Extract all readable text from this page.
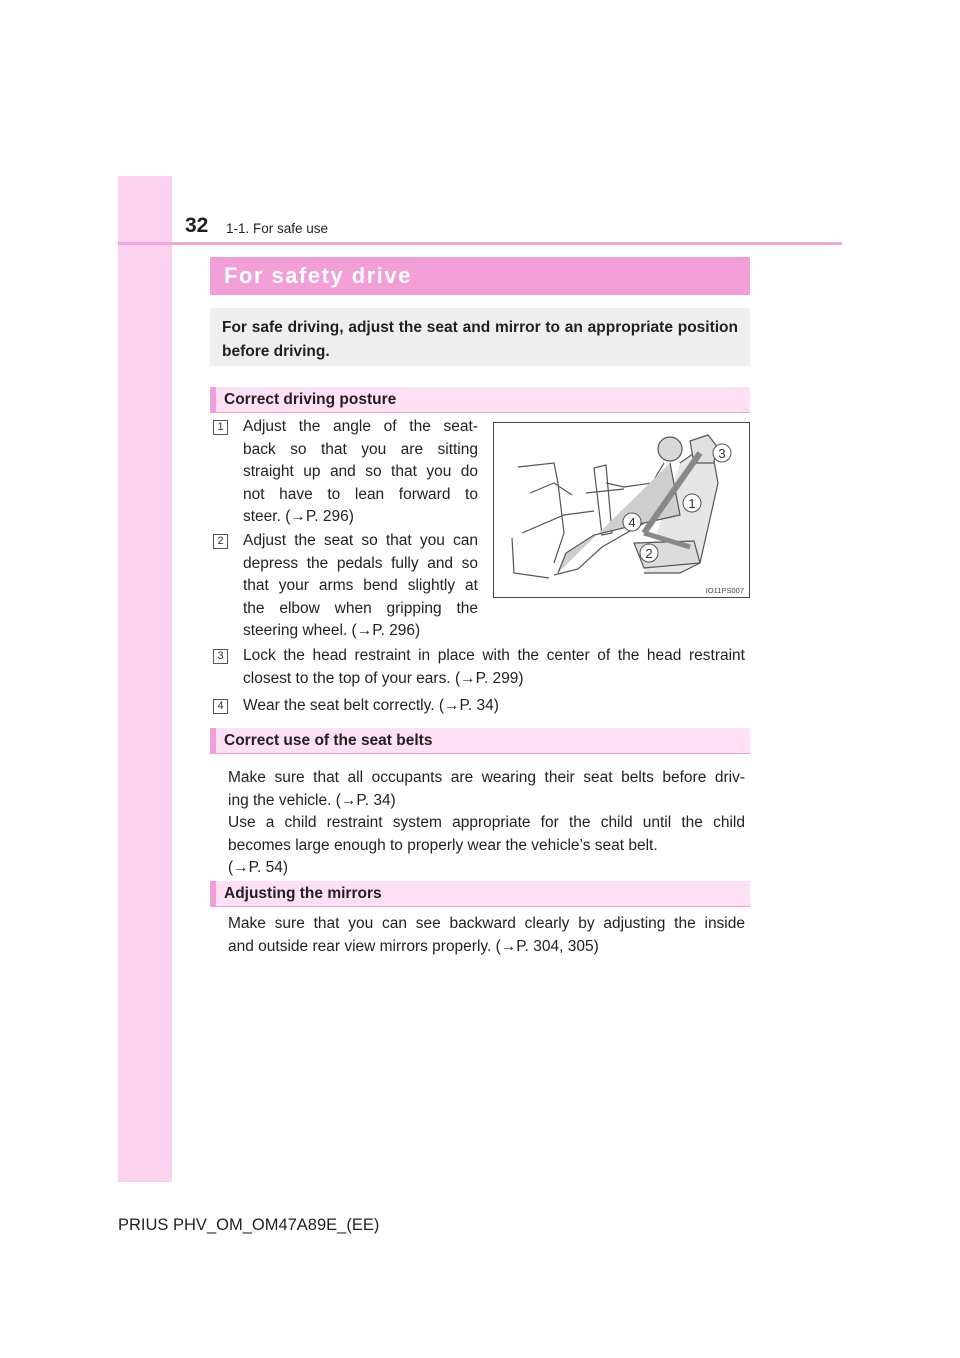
32 1-1. For safe use
For safety drive
For safe driving, adjust the seat and mirror to an appropriate position before driving.
Correct driving posture
1 Adjust the angle of the seat-
back so that you are sitting
straight up and so that you do
not have to lean forward to
steer. (→P. 296)
2 Adjust the seat so that you can
depress the pedals fully and so
that your arms bend slightly at
the elbow when gripping the
steering wheel. (→P. 296)
3
1
4
2
IO11PS007
3 Lock the head restraint in place with the center of the head restraint
closest to the top of your ears. (→P. 299)
4 Wear the seat belt correctly. (→P. 34)
Correct use of the seat belts
Make sure that all occupants are wearing their seat belts before driv-
ing the vehicle. (→P. 34)
Use a child restraint system appropriate for the child until the child
becomes large enough to properly wear the vehicle’s seat belt.
(→P. 54)
Adjusting the mirrors
Make sure that you can see backward clearly by adjusting the inside
and outside rear view mirrors properly. (→P. 304, 305)
PRIUS PHV_OM_OM47A89E_(EE)
